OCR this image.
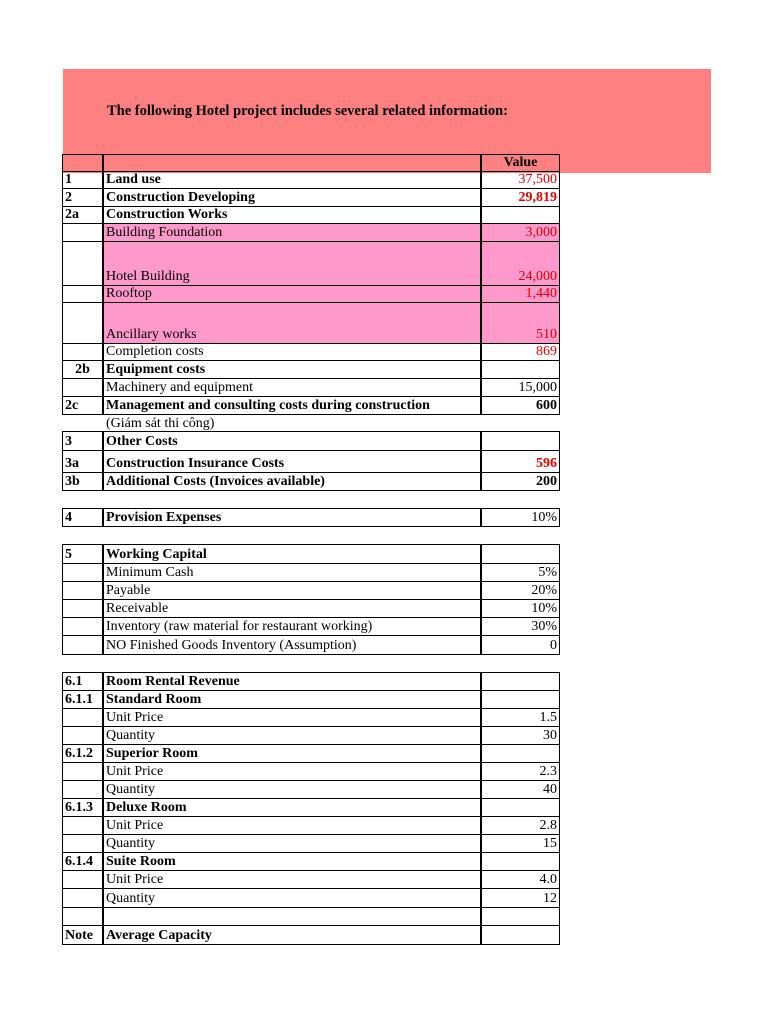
The following Hotel project includes several related information:
Value
1 Land use	37,500
2 Construction Developing	29,819
2a Construction Works
Building Foundation	3,000
Hotel Building	24,000
Rooftop	1,440
Ancillary works	510
Completion costs	869
2b	Equipment costs
Machinery and equipment	15,000
2c Management and consulting costs during construction	600
(Giám sát thi công)
3 Other Costs
3a Construction Insurance Costs	596
3b Additional Costs (Invoices available)	200
4 Provision Expenses	10%
5 Working Capital
Minimum Cash	5%
Payable	20%
Receivable	10%
Inventory (raw material for restaurant working)	30%
NO Finished Goods Inventory (Assumption)	0
6.1 Room Rental Revenue
6.1.1 Standard Room
Unit Price	1.5
Quantity	30
6.1.2 Superior Room
Unit Price	2.3
Quantity	40
6.1.3 Deluxe Room
Unit Price	2.8
Quantity	15
6.1.4 Suite Room
Unit Price	4.0
Quantity	12
Note Average Capacity
